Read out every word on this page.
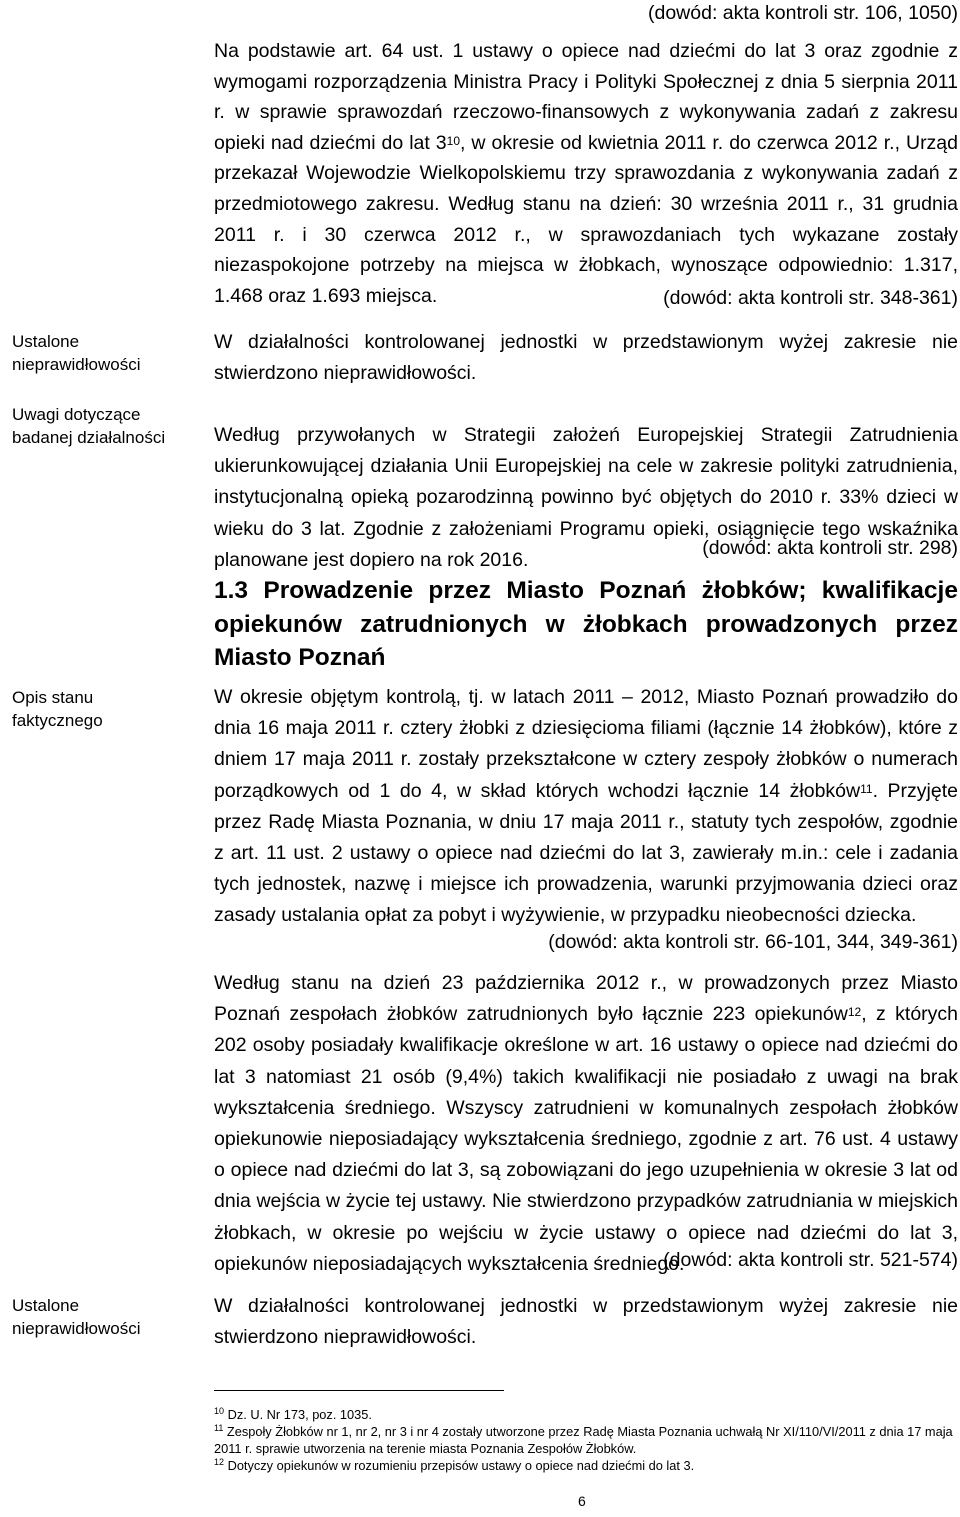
Ustalone
nieprawidłowości
Uwagi dotyczące
badanej działalności
Opis stanu
faktycznego
Ustalone
nieprawidłowości

(dowód: akta kontroli str. 106, 1050)

Na podstawie art. 64 ust. 1 ustawy o opiece nad dziećmi do lat 3 oraz zgodnie z wymogami rozporządzenia Ministra Pracy i Polityki Społecznej z dnia 5 sierpnia 2011 r. w sprawie sprawozdań rzeczowo-finansowych z wykonywania zadań z zakresu opieki nad dziećmi do lat $3^{10}$, w okresie od kwietnia 2011 r. do czerwca 2012 r., Urząd przekazał Wojewodzie Wielkopolskiemu trzy sprawozdania z wykonywania zadań z przedmiotowego zakresu. Według stanu na dzień: 30 września 2011 r., 31 grudnia 2011 r. i 30 czerwca 2012 r., w sprawozdaniach tych wykazane zostały niezaspokojone potrzeby na miejsca w żłobkach, wynoszące odpowiednio: 1.317, 1.468 oraz 1.693 miejsca.	(dowód: akta kontroli str. 348-361)

W działalności kontrolowanej jednostki w przedstawionym wyżej zakresie nie stwierdzono nieprawidłowości.

Według przywołanych w Strategii założeń Europejskiej Strategii Zatrudnienia ukierunkowującej działania Unii Europejskiej na cele w zakresie polityki zatrudnienia, instytucjonalną opieką pozarodzinną powinno być objętych do 2010 r. 33% dzieci w wieku do 3 lat. Zgodnie z założeniami Programu opieki, osiągnięcie tego wskaźnika planowane jest dopiero na rok 2016.

(dowód: akta kontroli str. 298)

1.3 Prowadzenie przez Miasto Poznań żłobków; kwalifikacje opiekunów zatrudnionych w żłobkach prowadzonych przez Miasto Poznań

W okresie objętym kontrolą, tj. w latach 2011 – 2012, Miasto Poznań prowadziło do dnia 16 maja 2011 r. cztery żłobki z dziesięcioma filiami (łącznie 14 żłobków), które z dniem 17 maja 2011 r. zostały przekształcone w cztery zespoły żłobków o numerach porządkowych od 1 do 4, w skład których wchodzi łącznie 14 żłobków$^{11}$. Przyjęte przez Radę Miasta Poznania, w dniu 17 maja 2011 r., statuty tych zespołów, zgodnie z art. 11 ust. 2 ustawy o opiece nad dziećmi do lat 3, zawierały m.in.: cele i zadania tych jednostek, nazwę i miejsce ich prowadzenia, warunki przyjmowania dzieci oraz zasady ustalania opłat za pobyt i wyżywienie, w przypadku nieobecności dziecka.

(dowód: akta kontroli str. 66-101, 344, 349-361)

Według stanu na dzień 23 października 2012 r., w prowadzonych przez Miasto Poznań zespołach żłobków zatrudnionych było łącznie 223 opiekunów$^{12}$, z których 202 osoby posiadały kwalifikacje określone w art. 16 ustawy o opiece nad dziećmi do lat 3 natomiast 21 osób (9,4%) takich kwalifikacji nie posiadało z uwagi na brak wykształcenia średniego. Wszyscy zatrudnieni w komunalnych zespołach żłobków opiekunowie nieposiadający wykształcenia średniego, zgodnie z art. 76 ust. 4 ustawy o opiece nad dziećmi do lat 3, są zobowiązani do jego uzupełnienia w okresie 3 lat od dnia wejścia w życie tej ustawy. Nie stwierdzono przypadków zatrudniania w miejskich żłobkach, w okresie po wejściu w życie ustawy o opiece nad dziećmi do lat 3, opiekunów nieposiadających wykształcenia średniego.

(dowód: akta kontroli str. 521-574)

W działalności kontrolowanej jednostki w przedstawionym wyżej zakresie nie stwierdzono nieprawidłowości.

$^{10}$ Dz. U. Nr 173, poz. 1035.

$^{11}$ Zespoły Żłobków nr 1, nr 2, nr 3 i nr 4 zostały utworzone przez Radę Miasta Poznania uchwałą Nr XI/110/VI/2011 z dnia 17 maja 2011 r. sprawie utworzenia na terenie miasta Poznania Zespołów Żłobków.

$^{12}$ Dotyczy opiekunów w rozumieniu przepisów ustawy o opiece nad dziećmi do lat 3.

6
